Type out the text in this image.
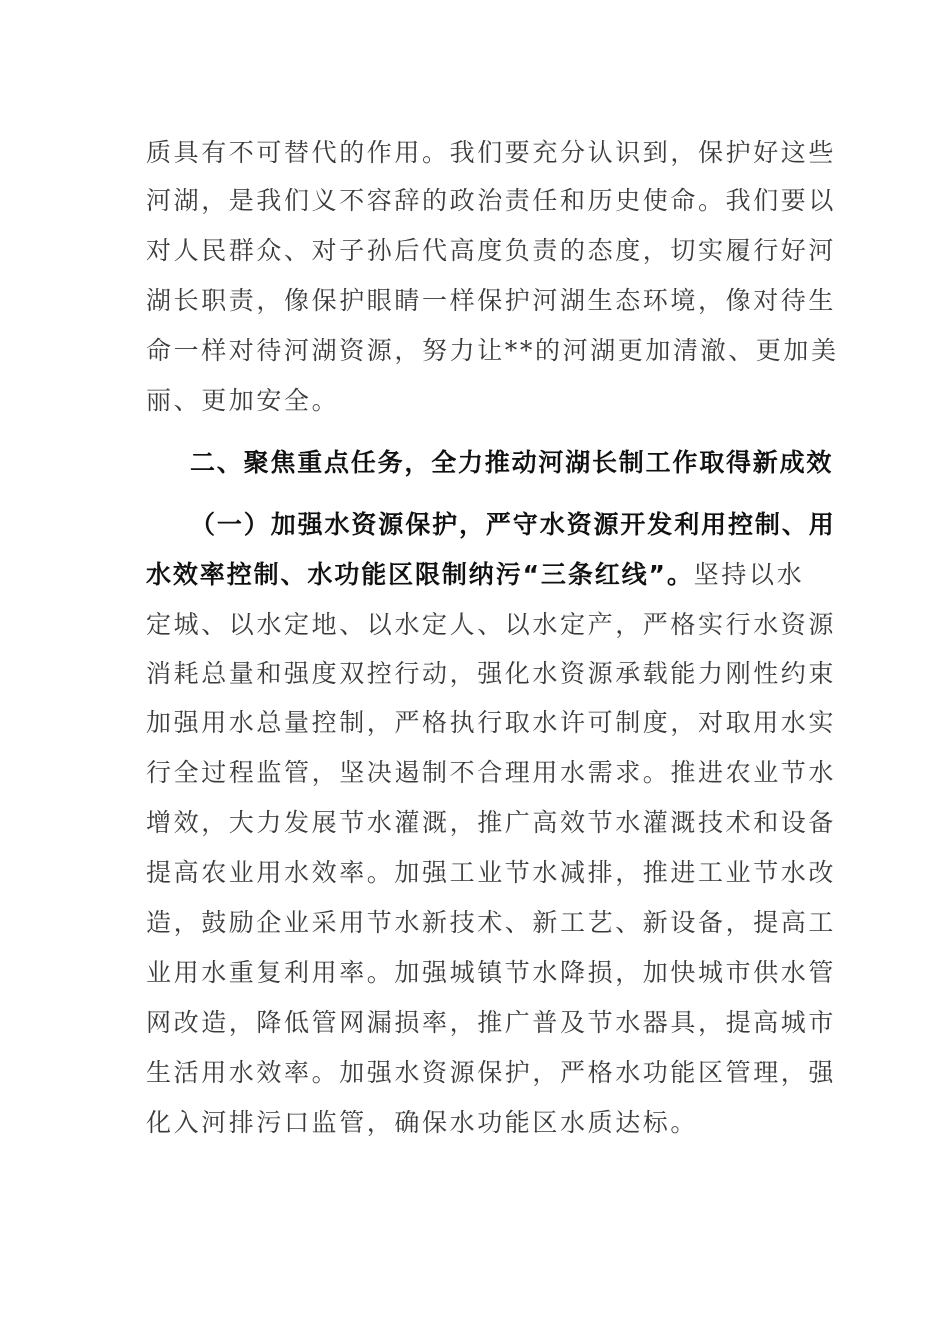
质具有不可替代的作用。我们要充分认识到，保护好这些
河湖，是我们义不容辞的政治责任和历史使命。我们要以
对人民群众、对子孙后代高度负责的态度，切实履行好河
湖长职责，像保护眼睛一样保护河湖生态环境，像对待生
命一样对待河湖资源，努力让**的河湖更加清澈、更加美
丽、更加安全。
二、聚焦重点任务，全力推动河湖长制工作取得新成效
（一）加强水资源保护，严守水资源开发利用控制、用
水效率控制、水功能区限制纳污“三条红线”。坚持以水
定城、以水定地、以水定人、以水定产，严格实行水资源
消耗总量和强度双控行动，强化水资源承载能力刚性约束
加强用水总量控制，严格执行取水许可制度，对取用水实
行全过程监管，坚决遏制不合理用水需求。推进农业节水
增效，大力发展节水灌溉，推广高效节水灌溉技术和设备
提高农业用水效率。加强工业节水减排，推进工业节水改
造，鼓励企业采用节水新技术、新工艺、新设备，提高工
业用水重复利用率。加强城镇节水降损，加快城市供水管
网改造，降低管网漏损率，推广普及节水器具，提高城市
生活用水效率。加强水资源保护，严格水功能区管理，强
化入河排污口监管，确保水功能区水质达标。
